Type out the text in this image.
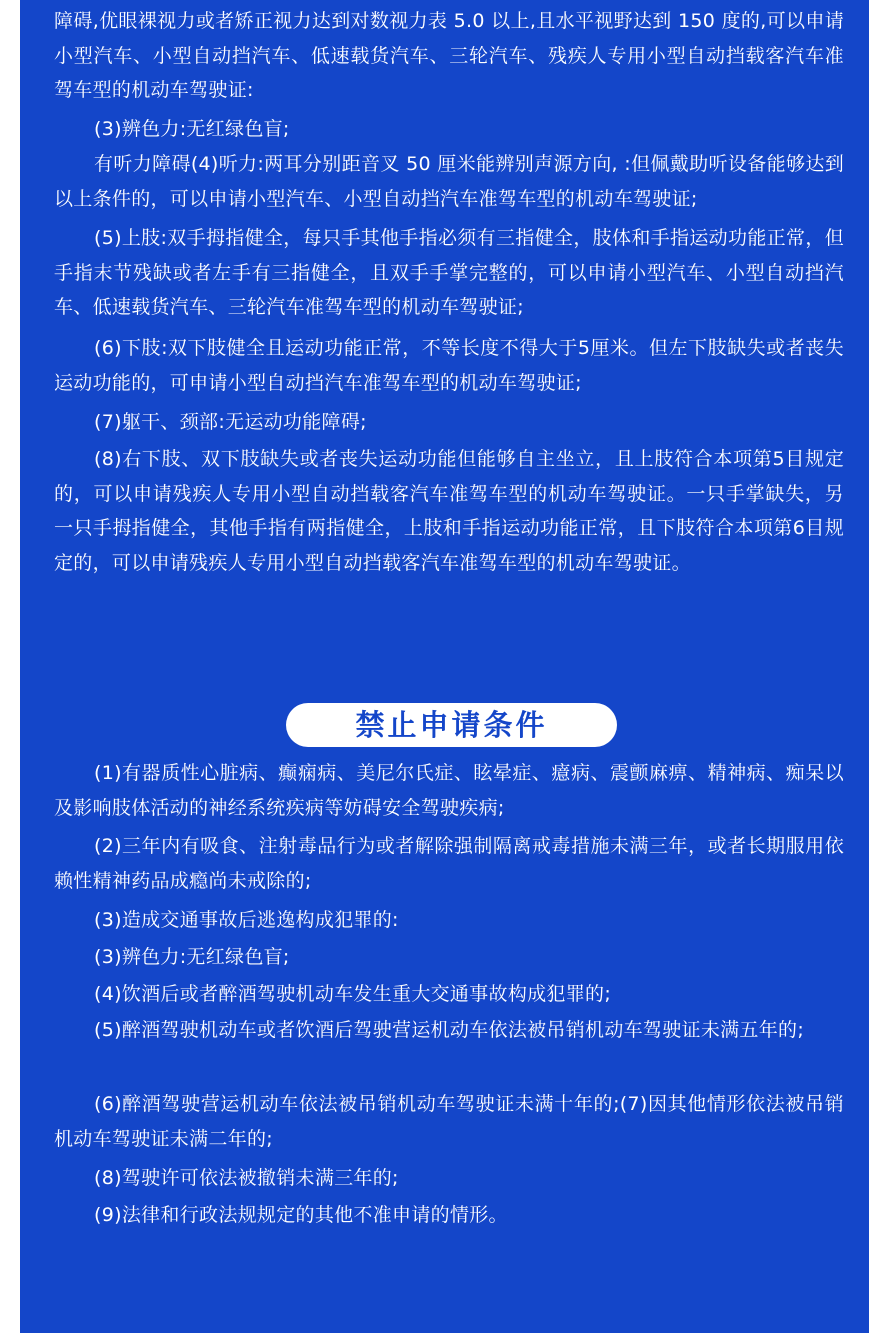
障碍,优眼裸视力或者矫正视力达到对数视力表 5.0 以上,且水平视野达到 150 度的,可以申请小型汽车、小型自动挡汽车、低速载货汽车、三轮汽车、残疾人专用小型自动挡载客汽车准驾车型的机动车驾驶证:

(3)辨色力:无红绿色盲;

有听力障碍(4)听力:两耳分别距音叉 50 厘米能辨别声源方向, :但佩戴助听设备能够达到以上条件的，可以申请小型汽车、小型自动挡汽车准驾车型的机动车驾驶证;

(5)上肢:双手拇指健全，每只手其他手指必须有三指健全，肢体和手指运动功能正常，但手指末节残缺或者左手有三指健全，且双手手掌完整的，可以申请小型汽车、小型自动挡汽车、低速载货汽车、三轮汽车准驾车型的机动车驾驶证;

(6)下肢:双下肢健全且运动功能正常，不等长度不得大于5厘米。但左下肢缺失或者丧失运动功能的，可申请小型自动挡汽车准驾车型的机动车驾驶证;

(7)躯干、颈部:无运动功能障碍;

(8)右下肢、双下肢缺失或者丧失运动功能但能够自主坐立，且上肢符合本项第5目规定的，可以申请残疾人专用小型自动挡载客汽车准驾车型的机动车驾驶证。一只手掌缺失，另一只手拇指健全，其他手指有两指健全，上肢和手指运动功能正常，且下肢符合本项第6目规定的，可以申请残疾人专用小型自动挡载客汽车准驾车型的机动车驾驶证。

禁止申请条件

(1)有器质性心脏病、癫痫病、美尼尔氏症、眩晕症、癔病、震颤麻痹、精神病、痴呆以及影响肢体活动的神经系统疾病等妨碍安全驾驶疾病;

(2)三年内有吸食、注射毒品行为或者解除强制隔离戒毒措施未满三年，或者长期服用依赖性精神药品成瘾尚未戒除的;

(3)造成交通事故后逃逸构成犯罪的:

(3)辨色力:无红绿色盲;

(4)饮酒后或者醉酒驾驶机动车发生重大交通事故构成犯罪的;

(5)醉酒驾驶机动车或者饮酒后驾驶营运机动车依法被吊销机动车驾驶证未满五年的;

(6)醉酒驾驶营运机动车依法被吊销机动车驾驶证未满十年的;(7)因其他情形依法被吊销机动车驾驶证未满二年的;

(8)驾驶许可依法被撤销未满三年的;

(9)法律和行政法规规定的其他不准申请的情形。
